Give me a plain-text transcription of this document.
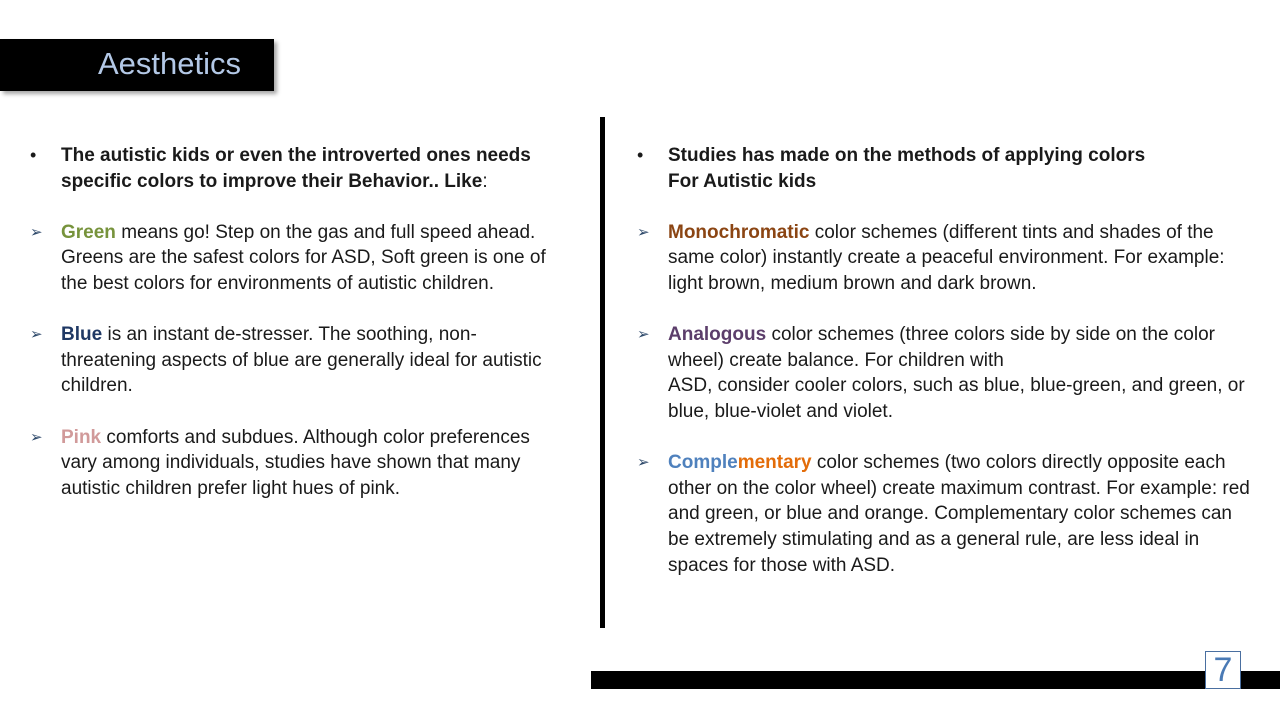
Aesthetics
•	The autistic kids or even the introverted ones needs specific colors to improve their Behavior.. Like:
➢ Green means go! Step on the gas and full speed ahead. Greens are the safest colors for ASD, Soft green is one of the best colors for environments of autistic children.
➢ Blue is an instant de-stresser. The soothing, non-threatening aspects of blue are generally ideal for autistic children.
➢ Pink comforts and subdues. Although color preferences vary among individuals, studies have shown that many autistic children prefer light hues of pink.
•	Studies has made on the methods of applying colors
For Autistic kids
➢ Monochromatic color schemes (different tints and shades of the same color) instantly create a peaceful environment. For example: light brown, medium brown and dark brown.
➢ Analogous color schemes (three colors side by side on the color wheel) create balance. For children with
ASD, consider cooler colors, such as blue, blue-green, and green, or blue, blue-violet and violet.
➢ Complementary color schemes (two colors directly opposite each other on the color wheel) create maximum contrast. For example: red and green, or blue and orange. Complementary color schemes can be extremely stimulating and as a general rule, are less ideal in spaces for those with ASD.
7
